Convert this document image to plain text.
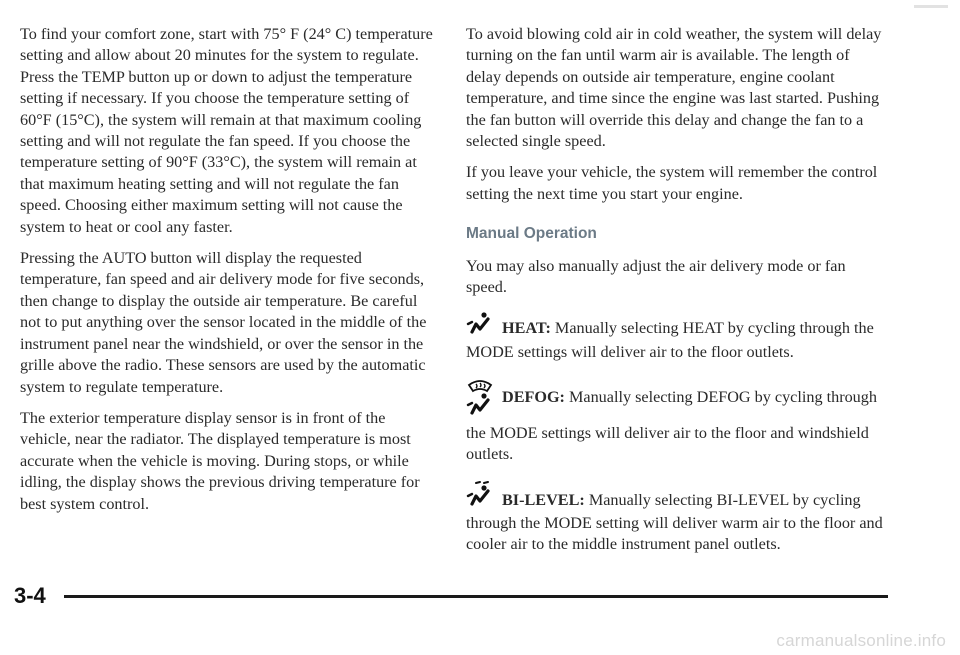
To find your comfort zone, start with 75° F (24° C) temperature setting and allow about 20 minutes for the system to regulate. Press the TEMP button up or down to adjust the temperature setting if necessary. If you choose the temperature setting of 60°F (15°C), the system will remain at that maximum cooling setting and will not regulate the fan speed. If you choose the temperature setting of 90°F (33°C), the system will remain at that maximum heating setting and will not regulate the fan speed. Choosing either maximum setting will not cause the system to heat or cool any faster.

Pressing the AUTO button will display the requested temperature, fan speed and air delivery mode for five seconds, then change to display the outside air temperature. Be careful not to put anything over the sensor located in the middle of the instrument panel near the windshield, or over the sensor in the grille above the radio. These sensors are used by the automatic system to regulate temperature.

The exterior temperature display sensor is in front of the vehicle, near the radiator. The displayed temperature is most accurate when the vehicle is moving. During stops, or while idling, the display shows the previous driving temperature for best system control.

To avoid blowing cold air in cold weather, the system will delay turning on the fan until warm air is available. The length of delay depends on outside air temperature, engine coolant temperature, and time since the engine was last started. Pushing the fan button will override this delay and change the fan to a selected single speed.

If you leave your vehicle, the system will remember the control setting the next time you start your engine.

Manual Operation

You may also manually adjust the air delivery mode or fan speed.

HEAT: Manually selecting HEAT by cycling through the MODE settings will deliver air to the floor outlets.
DEFOG: Manually selecting DEFOG by cycling through the MODE settings will deliver air to the floor and windshield outlets.
BI-LEVEL: Manually selecting BI-LEVEL by cycling through the MODE setting will deliver warm air to the floor and cooler air to the middle instrument panel outlets.
3-4
carmanualsonline.info
